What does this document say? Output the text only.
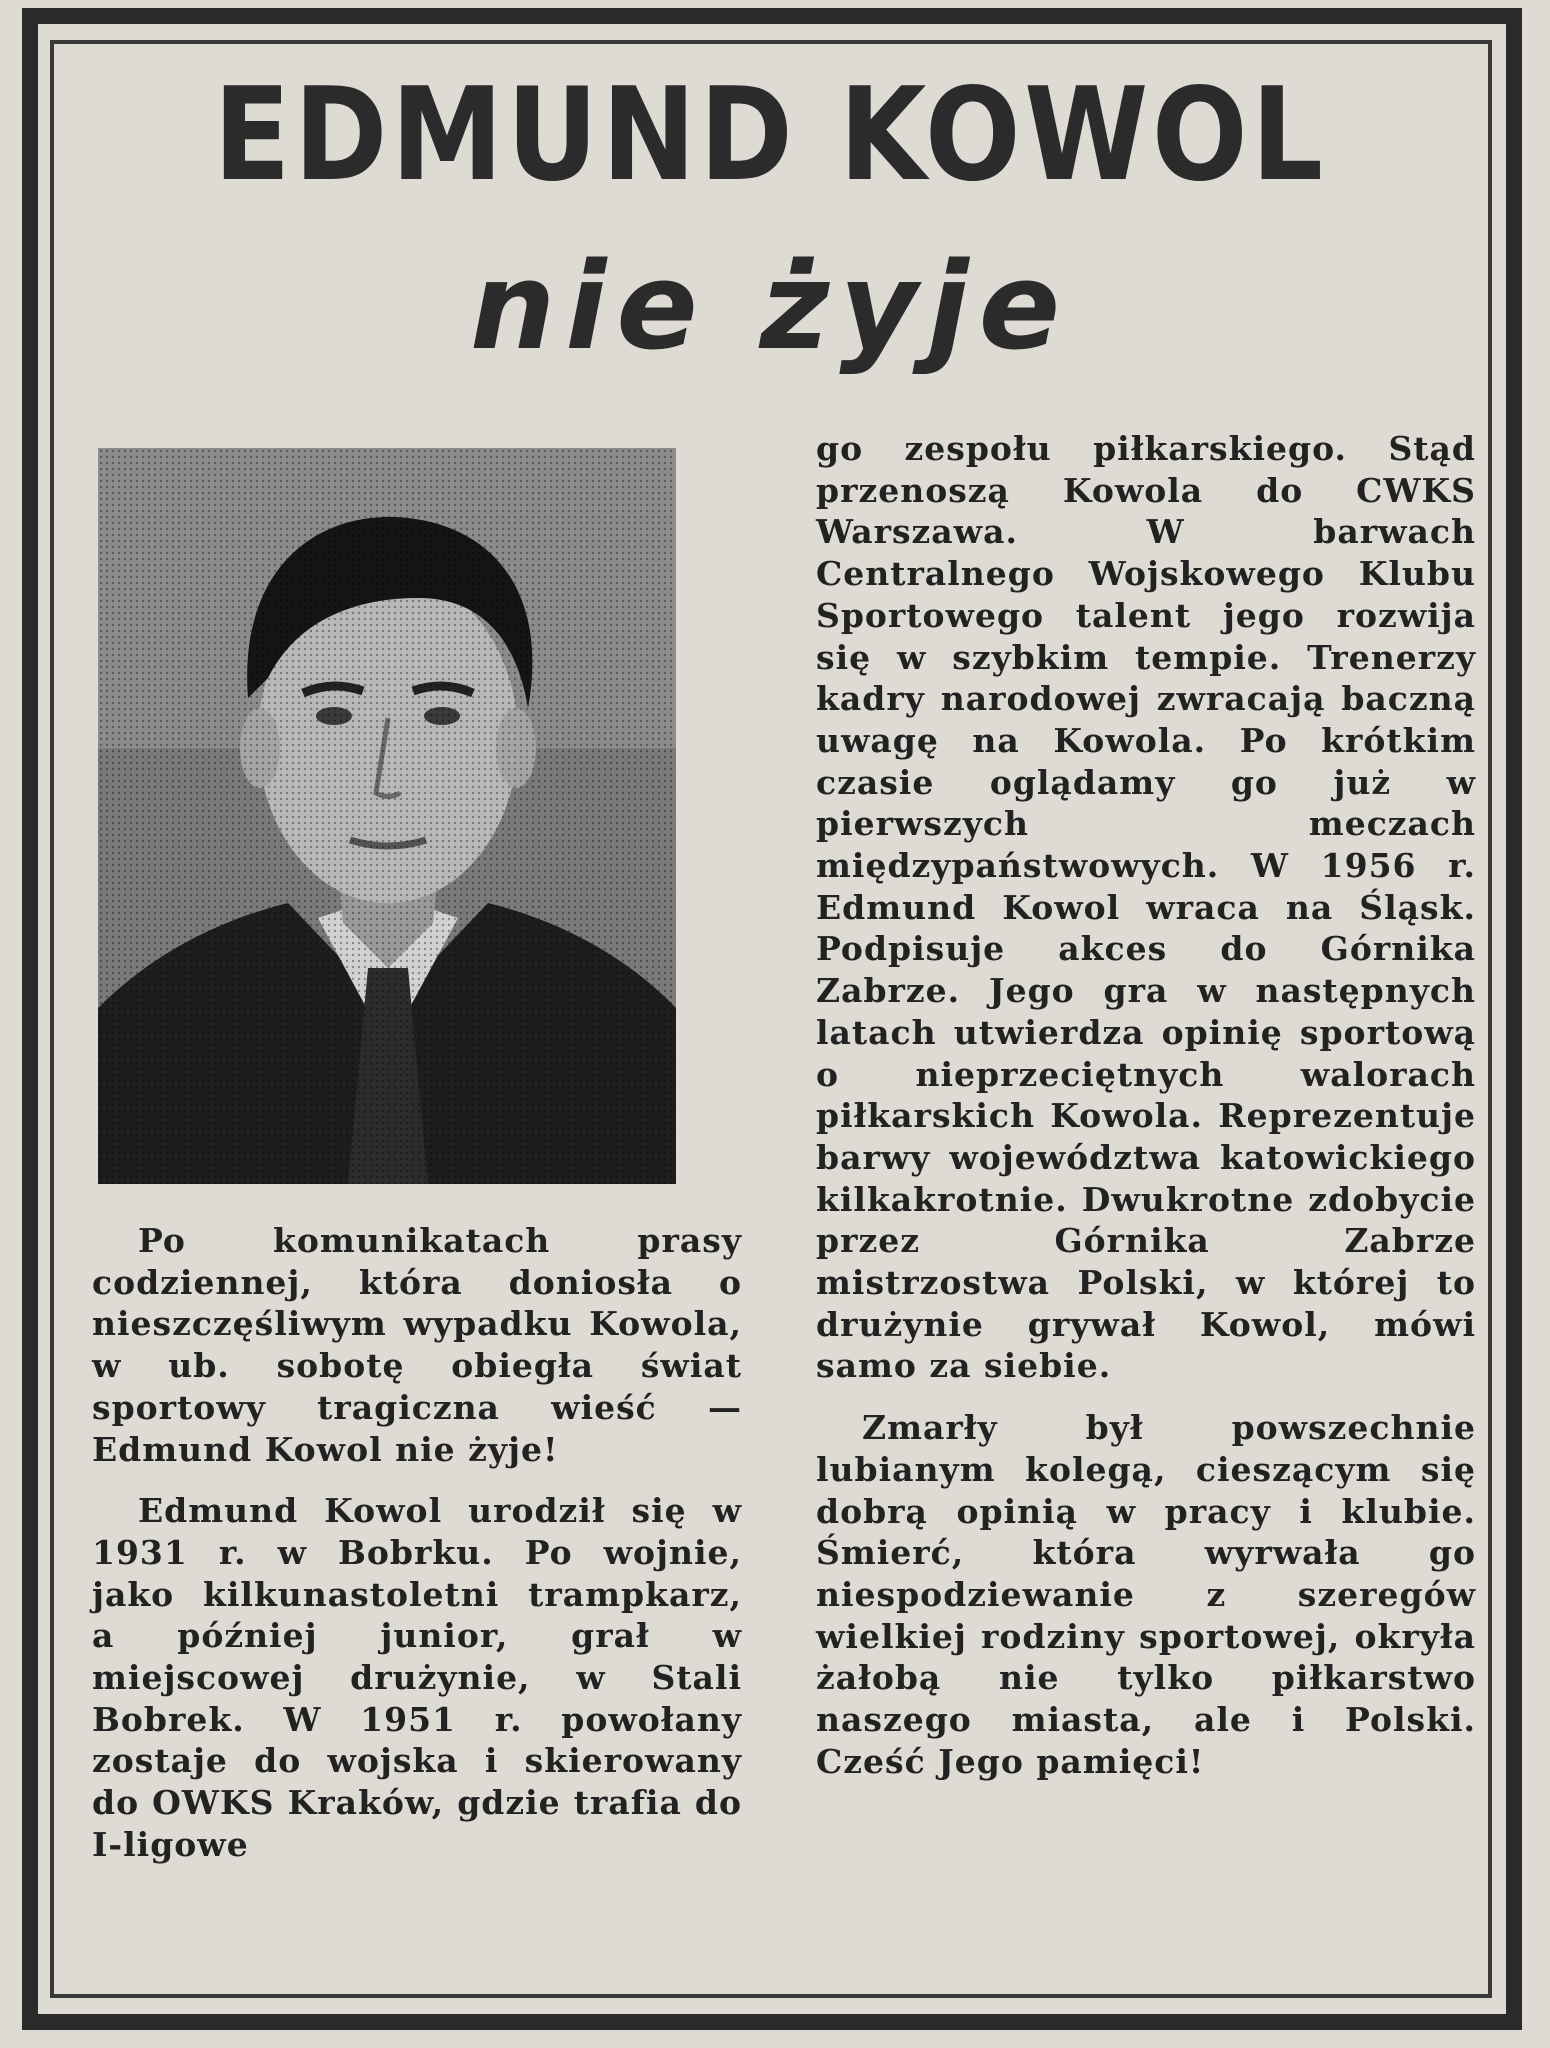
EDMUND KOWOL
nie żyje

Po komunikatach prasy codziennej, która doniosła o nieszczęśliwym wypadku Kowola, w ub. sobotę obiegła świat sportowy tragiczna wieść — Edmund Kowol nie żyje!

Edmund Kowol urodził się w 1931 r. w Bobrku. Po wojnie, jako kilkunastoletni trampkarz, a później junior, grał w miejscowej drużynie, w Stali Bobrek. W 1951 r. powołany zostaje do wojska i skierowany do OWKS Kraków, gdzie trafia do I-ligowe

go zespołu piłkarskiego. Stąd przenoszą Kowola do CWKS Warszawa. W barwach Centralnego Wojskowego Klubu Sportowego talent jego rozwija się w szybkim tempie. Trenerzy kadry narodowej zwracają baczną uwagę na Kowola. Po krótkim czasie oglądamy go już w pierwszych meczach międzypaństwowych. W 1956 r. Edmund Kowol wraca na Śląsk. Podpisuje akces do Górnika Zabrze. Jego gra w następnych latach utwierdza opinię sportową o nieprzeciętnych walorach piłkarskich Kowola. Reprezentuje barwy województwa katowickiego kilkakrotnie. Dwukrotne zdobycie przez Górnika Zabrze mistrzostwa Polski, w której to drużynie grywał Kowol, mówi samo za siebie.

Zmarły był powszechnie lubianym kolegą, cieszącym się dobrą opinią w pracy i klubie. Śmierć, która wyrwała go niespodziewanie z szeregów wielkiej rodziny sportowej, okryła żałobą nie tylko piłkarstwo naszego miasta, ale i Polski. Cześć Jego pamięci!
